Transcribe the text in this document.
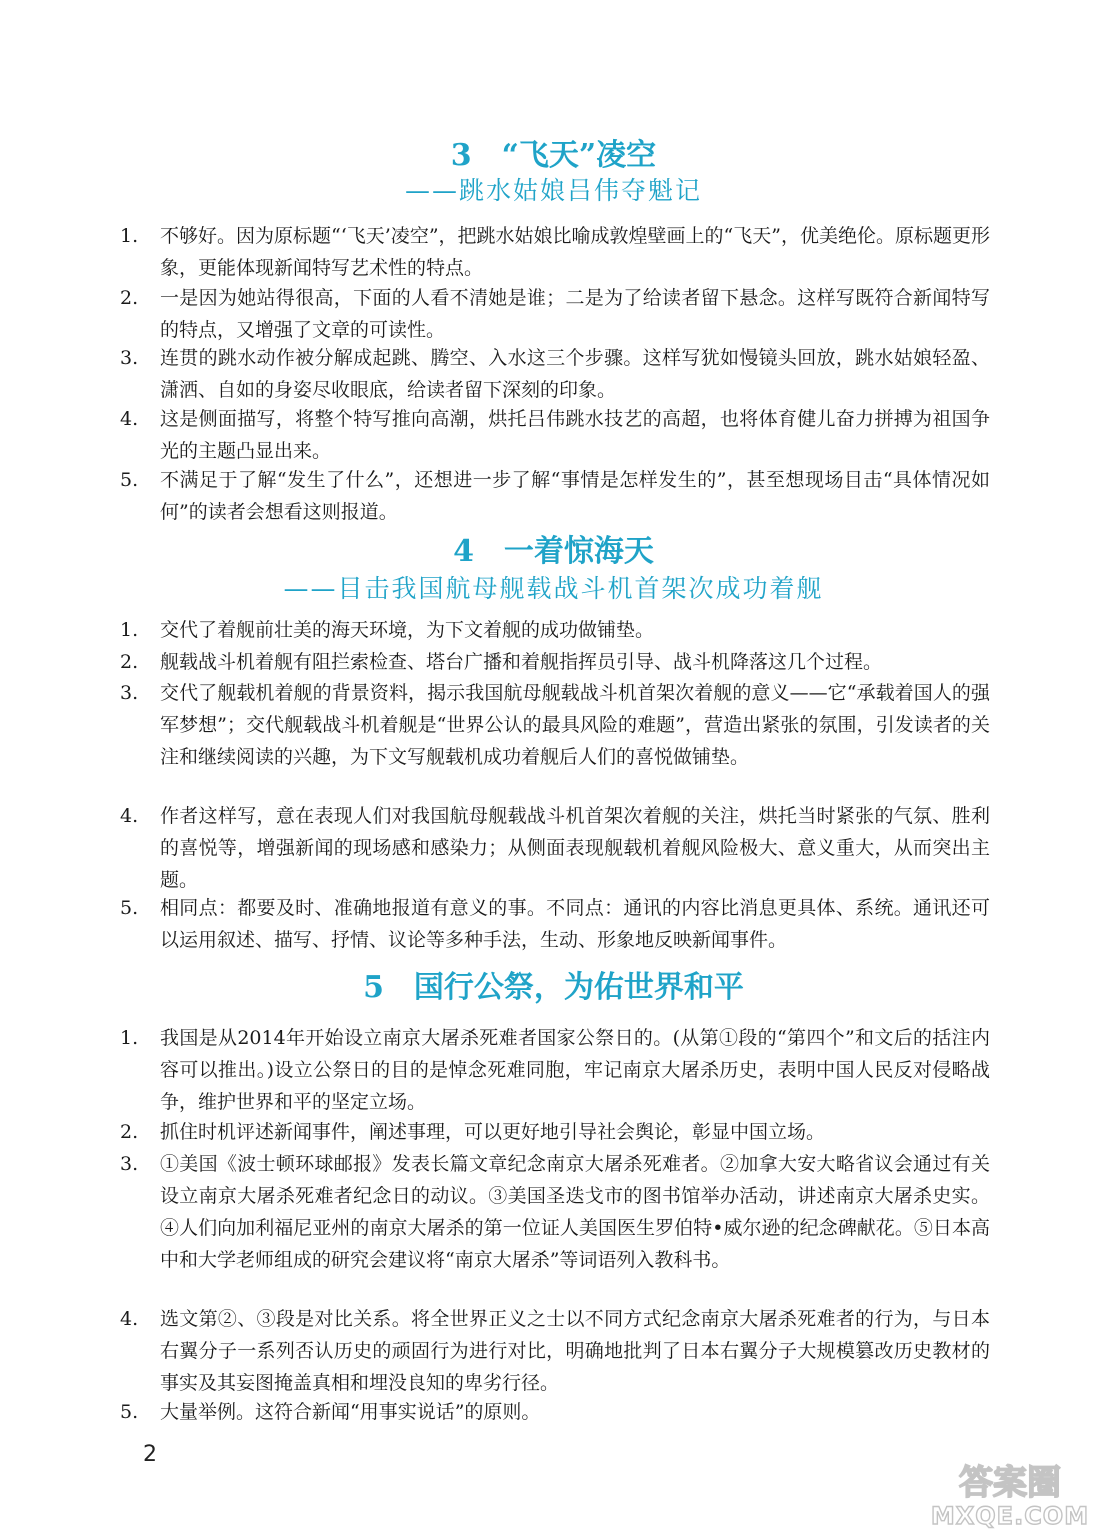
3　“飞天”凌空
——跳水姑娘吕伟夺魁记
1.	不够好。因为原标题“‘飞天’凌空”，把跳水姑娘比喻成敦煌壁画上的“飞天”，优美绝伦。原标题更形象，更能体现新闻特写艺术性的特点。
2.	一是因为她站得很高，下面的人看不清她是谁；二是为了给读者留下悬念。这样写既符合新闻特写的特点，又增强了文章的可读性。
3.	连贯的跳水动作被分解成起跳、腾空、入水这三个步骤。这样写犹如慢镜头回放，跳水姑娘轻盈、潇洒、自如的身姿尽收眼底，给读者留下深刻的印象。
4.	这是侧面描写，将整个特写推向高潮，烘托吕伟跳水技艺的高超，也将体育健儿奋力拼搏为祖国争光的主题凸显出来。
5.	不满足于了解“发生了什么”，还想进一步了解“事情是怎样发生的”，甚至想现场目击“具体情况如何”的读者会想看这则报道。
4　一着惊海天
——目击我国航母舰载战斗机首架次成功着舰
1.	交代了着舰前壮美的海天环境，为下文着舰的成功做铺垫。
2.	舰载战斗机着舰有阻拦索检查、塔台广播和着舰指挥员引导、战斗机降落这几个过程。
3.	交代了舰载机着舰的背景资料，揭示我国航母舰载战斗机首架次着舰的意义——它“承载着国人的强军梦想”；交代舰载战斗机着舰是“世界公认的最具风险的难题”，营造出紧张的氛围，引发读者的关注和继续阅读的兴趣，为下文写舰载机成功着舰后人们的喜悦做铺垫。
4.	作者这样写，意在表现人们对我国航母舰载战斗机首架次着舰的关注，烘托当时紧张的气氛、胜利的喜悦等，增强新闻的现场感和感染力；从侧面表现舰载机着舰风险极大、意义重大，从而突出主题。
5.	相同点：都要及时、准确地报道有意义的事。不同点：通讯的内容比消息更具体、系统。通讯还可以运用叙述、描写、抒情、议论等多种手法，生动、形象地反映新闻事件。
5　国行公祭，为佑世界和平
1.	我国是从2014年开始设立南京大屠杀死难者国家公祭日的。(从第①段的“第四个”和文后的括注内容可以推出。)设立公祭日的目的是悼念死难同胞，牢记南京大屠杀历史，表明中国人民反对侵略战争，维护世界和平的坚定立场。
2.	抓住时机评述新闻事件，阐述事理，可以更好地引导社会舆论，彰显中国立场。
3.	①美国《波士顿环球邮报》发表长篇文章纪念南京大屠杀死难者。②加拿大安大略省议会通过有关设立南京大屠杀死难者纪念日的动议。③美国圣迭戈市的图书馆举办活动，讲述南京大屠杀史实。④人们向加利福尼亚州的南京大屠杀的第一位证人美国医生罗伯特•威尔逊的纪念碑献花。⑤日本高中和大学老师组成的研究会建议将“南京大屠杀”等词语列入教科书。
4.	选文第②、③段是对比关系。将全世界正义之士以不同方式纪念南京大屠杀死难者的行为，与日本右翼分子一系列否认历史的顽固行为进行对比，明确地批判了日本右翼分子大规模篡改历史教材的事实及其妄图掩盖真相和埋没良知的卑劣行径。
5.	大量举例。这符合新闻“用事实说话”的原则。
2
答案圈
MXQE.COM
